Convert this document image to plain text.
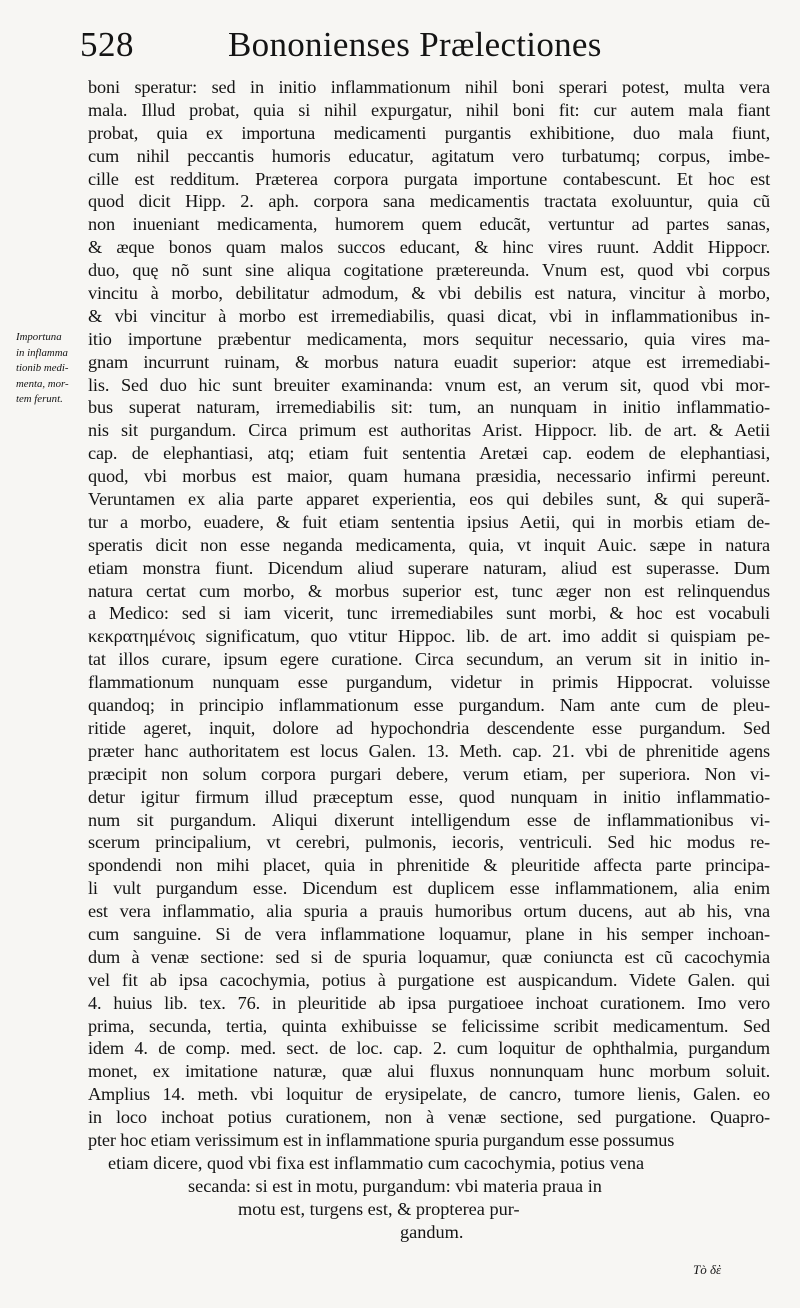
528	Bononienses Prælectiones
Importuna
in inflamma
tionib medi-
menta, mor-
tem ferunt.
boni speratur: sed in initio inflammationum nihil boni sperari potest, multa vera
mala. Illud probat, quia si nihil expurgatur, nihil boni fit: cur autem mala fiant
probat, quia ex importuna medicamenti purgantis exhibitione, duo mala fiunt,
cum nihil peccantis humoris educatur, agitatum vero turbatumq; corpus, imbe-
cille est redditum. Præterea corpora purgata importune contabescunt. Et hoc est
quod dicit Hipp. 2. aph. corpora sana medicamentis tractata exoluuntur, quia cũ
non inueniant medicamenta, humorem quem educãt, vertuntur ad partes sanas,
& æque bonos quam malos succos educant, & hinc vires ruunt. Addit Hippocr.
duo, quę nõ sunt sine aliqua cogitatione prætereunda. Vnum est, quod vbi corpus
vincitu à morbo, debilitatur admodum, & vbi debilis est natura, vincitur à morbo,
& vbi vincitur à morbo est irremediabilis, quasi dicat, vbi in inflammationibus in-
itio importune præbentur medicamenta, mors sequitur necessario, quia vires ma-
gnam incurrunt ruinam, & morbus natura euadit superior: atque est irremediabi-
lis. Sed duo hic sunt breuiter examinanda: vnum est, an verum sit, quod vbi mor-
bus superat naturam, irremediabilis sit: tum, an nunquam in initio inflammatio-
nis sit purgandum. Circa primum est authoritas Arist. Hippocr. lib. de art. & Aetii
cap. de elephantiasi, atq; etiam fuit sententia Aretæi cap. eodem de elephantiasi,
quod, vbi morbus est maior, quam humana præsidia, necessario infirmi pereunt.
Veruntamen ex alia parte apparet experientia, eos qui debiles sunt, & qui superã-
tur a morbo, euadere, & fuit etiam sententia ipsius Aetii, qui in morbis etiam de-
speratis dicit non esse neganda medicamenta, quia, vt inquit Auic. sæpe in natura
etiam monstra fiunt. Dicendum aliud superare naturam, aliud est superasse. Dum
natura certat cum morbo, & morbus superior est, tunc æger non est relinquendus
a Medico: sed si iam vicerit, tunc irremediabiles sunt morbi, & hoc est vocabuli
κεκρατημένοις significatum, quo vtitur Hippoc. lib. de art. imo addit si quispiam pe-
tat illos curare, ipsum egere curatione. Circa secundum, an verum sit in initio in-
flammationum nunquam esse purgandum, videtur in primis Hippocrat. voluisse
quandoq; in principio inflammationum esse purgandum. Nam ante cum de pleu-
ritide ageret, inquit, dolore ad hypochondria descendente esse purgandum. Sed
præter hanc authoritatem est locus Galen. 13. Meth. cap. 21. vbi de phrenitide agens
præcipit non solum corpora purgari debere, verum etiam, per superiora. Non vi-
detur igitur firmum illud præceptum esse, quod nunquam in initio inflammatio-
num sit purgandum. Aliqui dixerunt intelligendum esse de inflammationibus vi-
scerum principalium, vt cerebri, pulmonis, iecoris, ventriculi. Sed hic modus re-
spondendi non mihi placet, quia in phrenitide & pleuritide affecta parte principa-
li vult purgandum esse. Dicendum est duplicem esse inflammationem, alia enim
est vera inflammatio, alia spuria a prauis humoribus ortum ducens, aut ab his, vna
cum sanguine. Si de vera inflammatione loquamur, plane in his semper inchoan-
dum à venæ sectione: sed si de spuria loquamur, quæ coniuncta est cũ cacochymia
vel fit ab ipsa cacochymia, potius à purgatione est auspicandum. Videte Galen. qui
4. huius lib. tex. 76. in pleuritide ab ipsa purgatioee inchoat curationem. Imo vero
prima, secunda, tertia, quinta exhibuisse se felicissime scribit medicamentum. Sed
idem 4. de comp. med. sect. de loc. cap. 2. cum loquitur de ophthalmia, purgandum
monet, ex imitatione naturæ, quæ alui fluxus nonnunquam hunc morbum soluit.
Amplius 14. meth. vbi loquitur de erysipelate, de cancro, tumore lienis, Galen. eo
in loco inchoat potius curationem, non à venæ sectione, sed purgatione. Quapro-
pter hoc etiam verissimum est in inflammatione spuria purgandum esse possumus
etiam dicere, quod vbi fixa est inflammatio cum cacochymia, potius vena
secanda: si est in motu, purgandum: vbi materia praua in
motu est, turgens est, & propterea pur-
gandum.
Tò δὲ
